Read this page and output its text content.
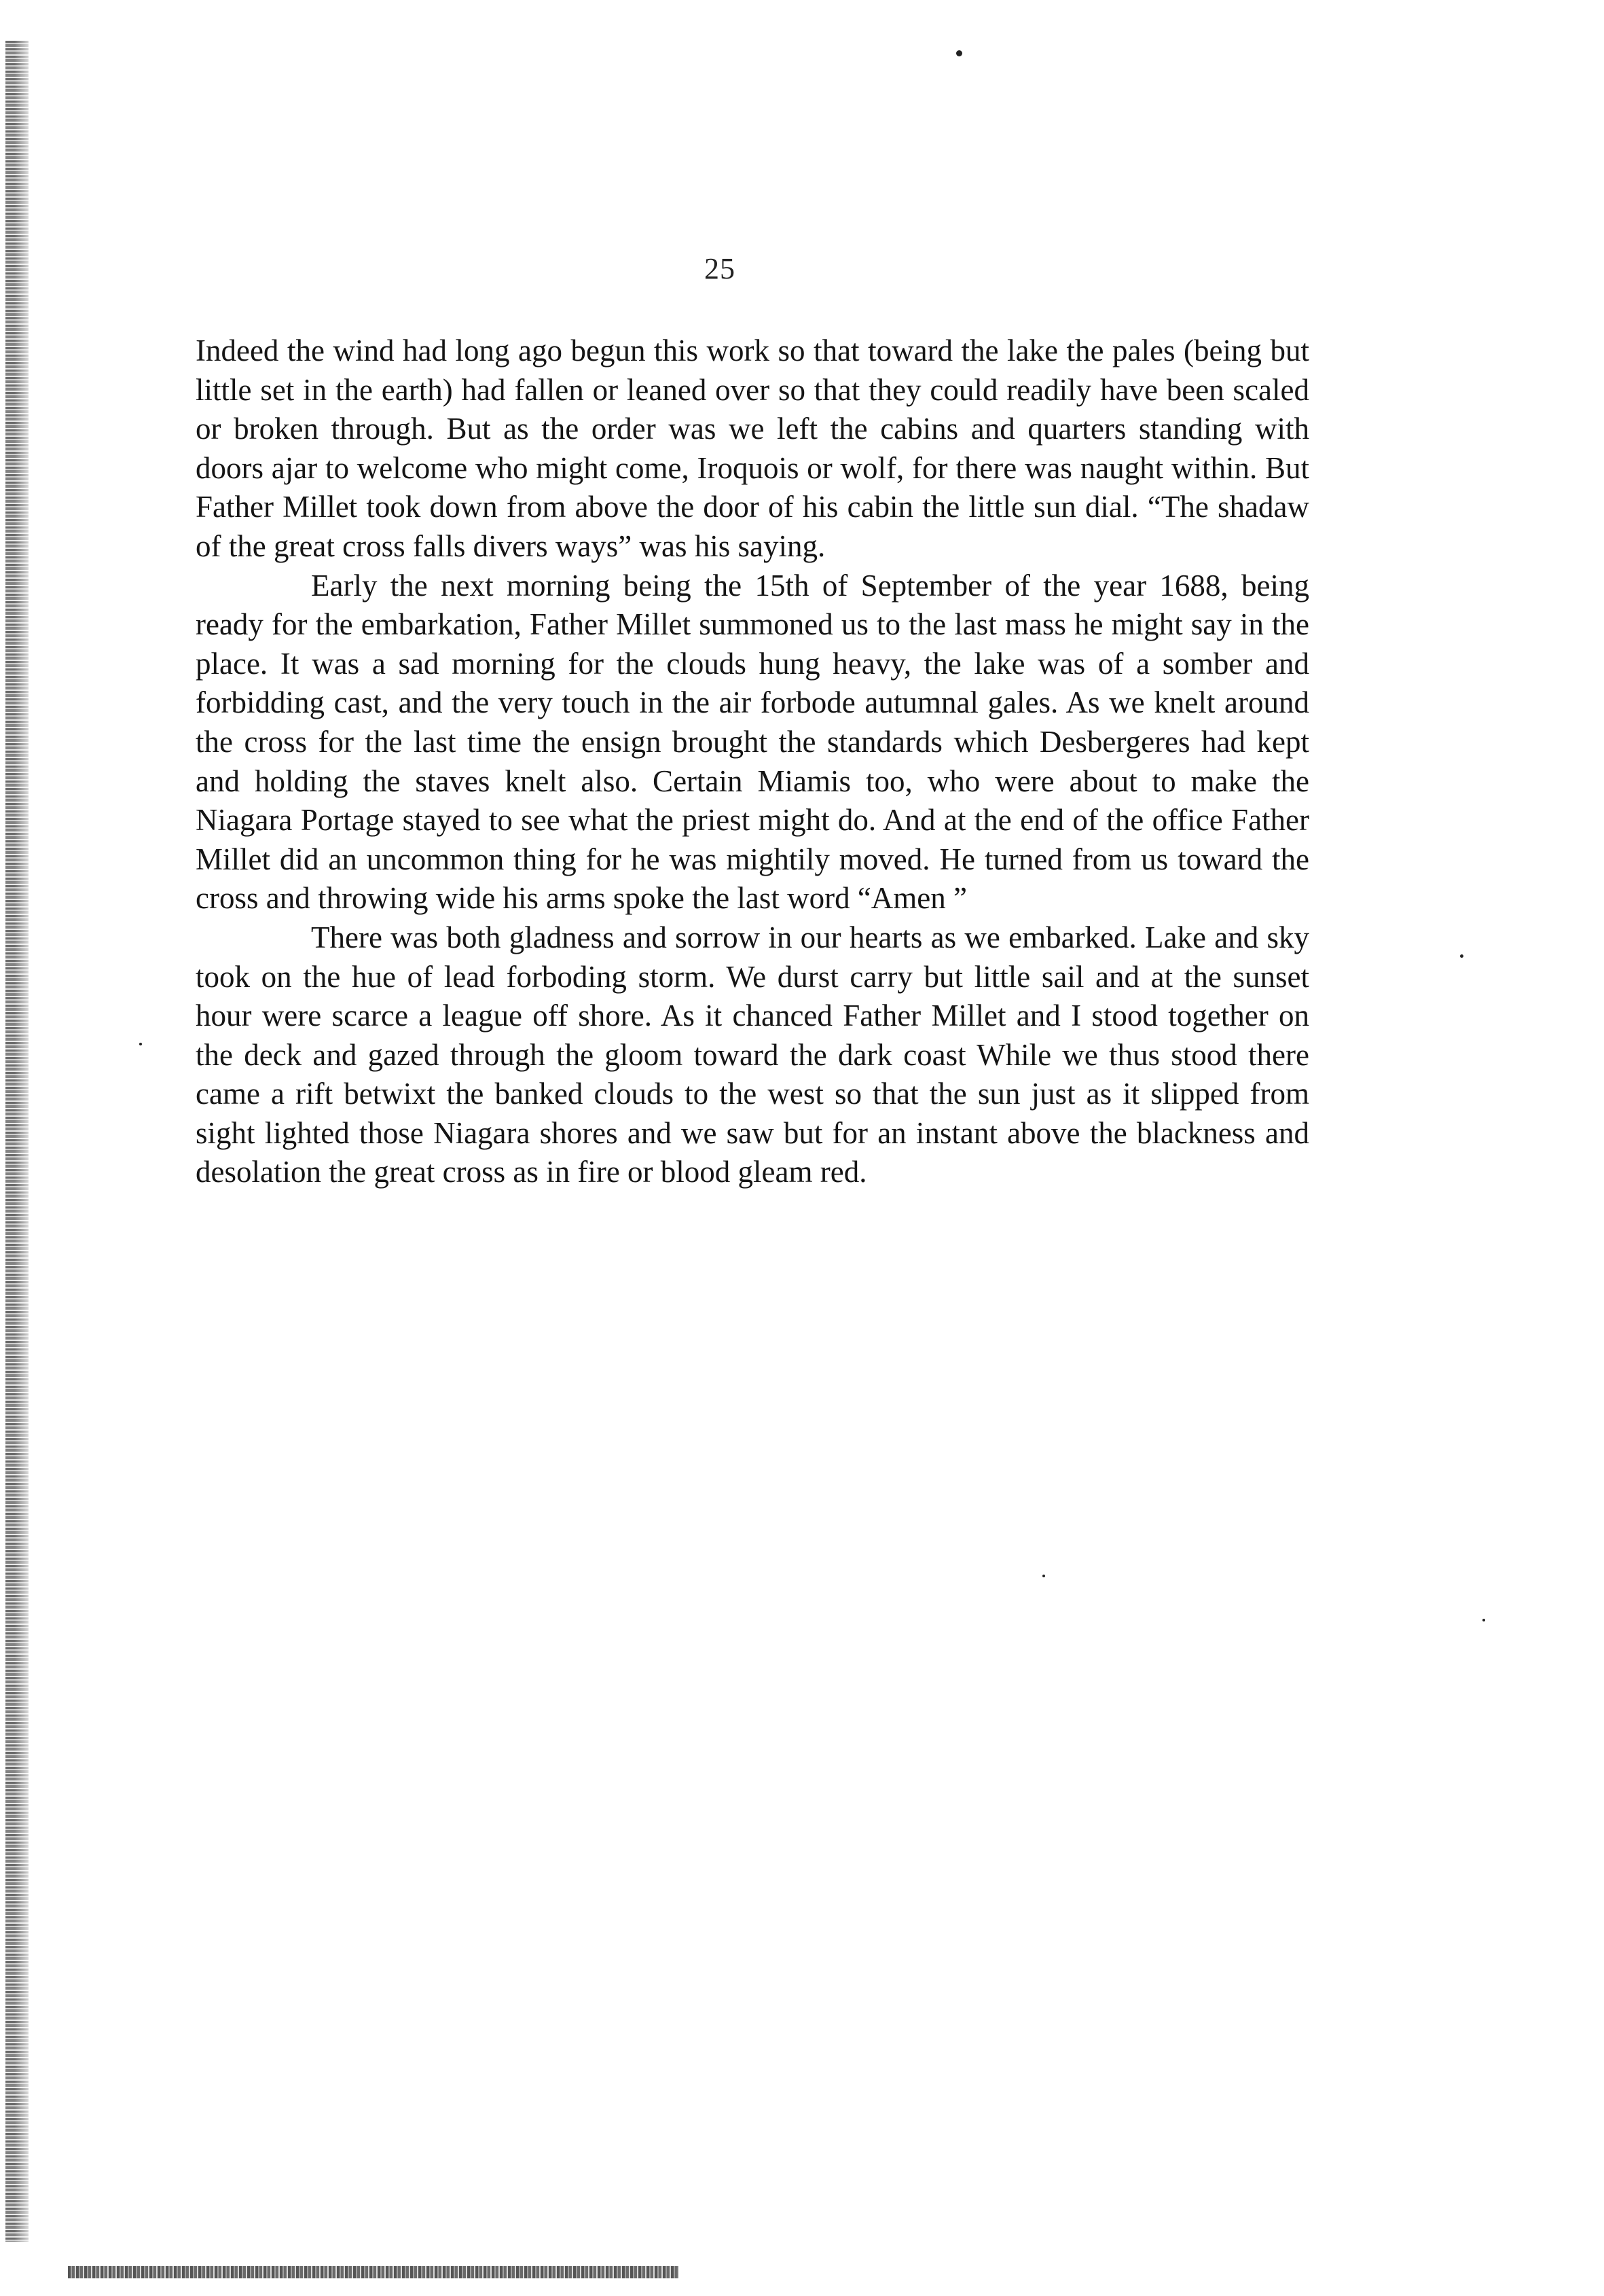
25

Indeed the wind had long ago begun this work so that toward the lake the pales (being but little set in the earth) had fallen or leaned over so that they could readily have been scaled or broken through. But as the order was we left the cabins and quarters standing with doors ajar to welcome who might come, Iroquois or wolf, for there was naught within. But Father Millet took down from above the door of his cabin the little sun dial. “The shadaw of the great cross falls divers ways” was his saying.

Early the next morning being the 15th of September of the year 1688, being ready for the embarkation, Father Millet summoned us to the last mass he might say in the place. It was a sad morning for the clouds hung heavy, the lake was of a somber and forbidding cast, and the very touch in the air forbode autumnal gales. As we knelt around the cross for the last time the ensign brought the standards which Desbergeres had kept and holding the staves knelt also. Certain Miamis too, who were about to make the Niagara Portage stayed to see what the priest might do. And at the end of the office Father Millet did an uncommon thing for he was mightily moved. He turned from us toward the cross and throwing wide his arms spoke the last word “Amen ”

There was both gladness and sorrow in our hearts as we embarked. Lake and sky took on the hue of lead forboding storm. We durst carry but little sail and at the sunset hour were scarce a league off shore. As it chanced Father Millet and I stood together on the deck and gazed through the gloom toward the dark coast While we thus stood there came a rift betwixt the banked clouds to the west so that the sun just as it slipped from sight lighted those Niagara shores and we saw but for an instant above the blackness and desolation the great cross as in fire or blood gleam red.
